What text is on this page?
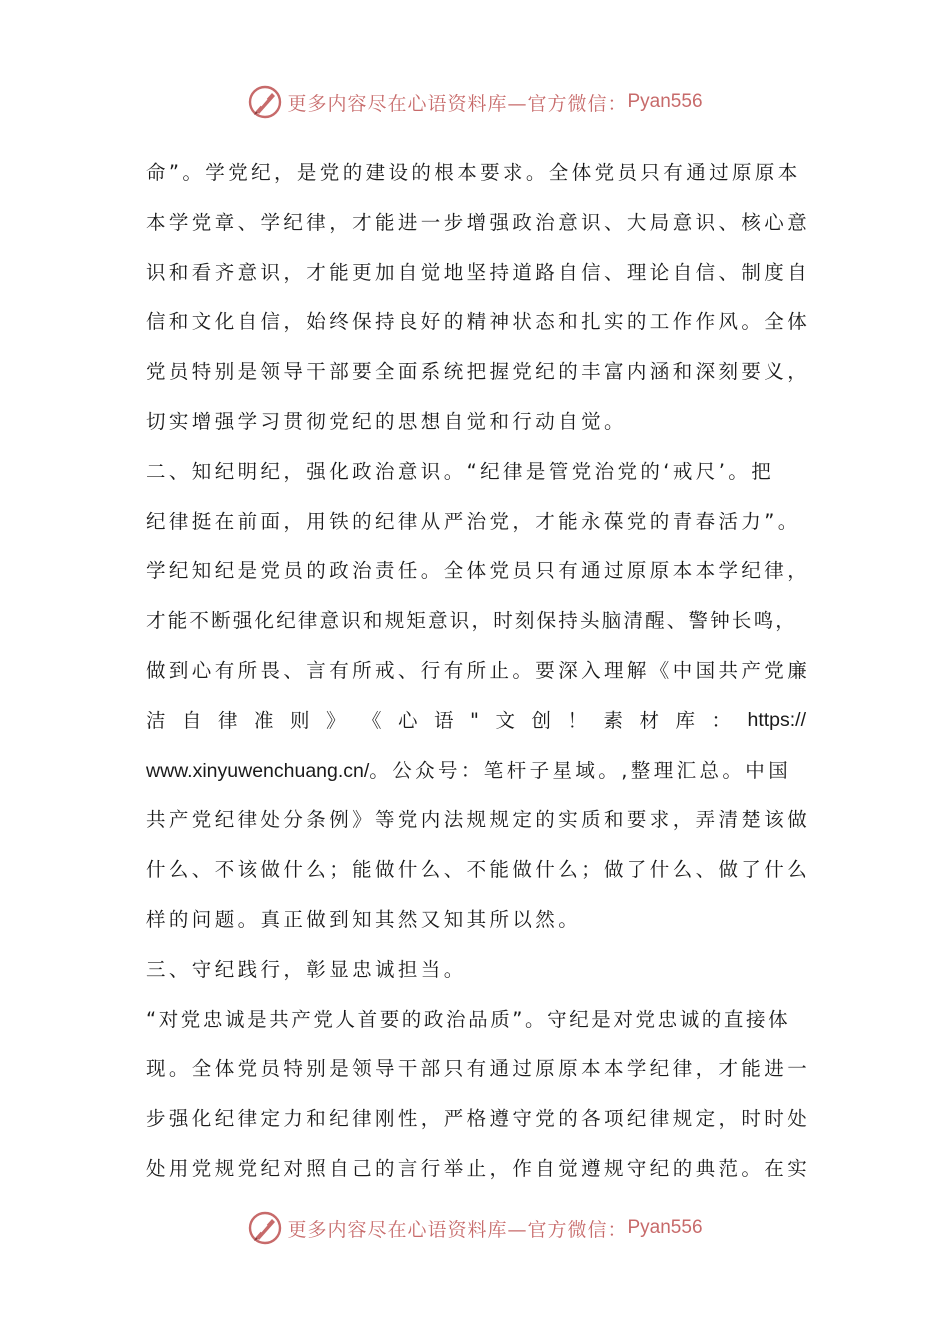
更多内容尽在心语资料库—官方微信： Pyan556
命”。学党纪，是党的建设的根本要求。全体党员只有通过原原本
本学党章、学纪律，才能进一步增强政治意识、大局意识、核心意
识和看齐意识，才能更加自觉地坚持道路自信、理论自信、制度自
信和文化自信，始终保持良好的精神状态和扎实的工作作风。全体
党员特别是领导干部要全面系统把握党纪的丰富内涵和深刻要义，
切实增强学习贯彻党纪的思想自觉和行动自觉。
二、知纪明纪，强化政治意识。“纪律是管党治党的‘戒尺’。把
纪律挺在前面，用铁的纪律从严治党，才能永葆党的青春活力”。
学纪知纪是党员的政治责任。全体党员只有通过原原本本学纪律，
才能不断强化纪律意识和规矩意识，时刻保持头脑清醒、警钟长鸣，
做到心有所畏、言有所戒、行有所止。要深入理解《中国共产党廉
洁 自 律 准 则 》 《 心 语 " 文 创 ！ 素 材 库 ： https://
www.xinyuwenchuang.cn/。公众号：笔杆子星域。,整理汇总。中国
共产党纪律处分条例》等党内法规规定的实质和要求，弄清楚该做
什么、不该做什么；能做什么、不能做什么；做了什么、做了什么
样的问题。真正做到知其然又知其所以然。
三、守纪践行，彰显忠诚担当。
“对党忠诚是共产党人首要的政治品质”。守纪是对党忠诚的直接体
现。全体党员特别是领导干部只有通过原原本本学纪律，才能进一
步强化纪律定力和纪律刚性，严格遵守党的各项纪律规定，时时处
处用党规党纪对照自己的言行举止，作自觉遵规守纪的典范。在实
更多内容尽在心语资料库—官方微信： Pyan556
